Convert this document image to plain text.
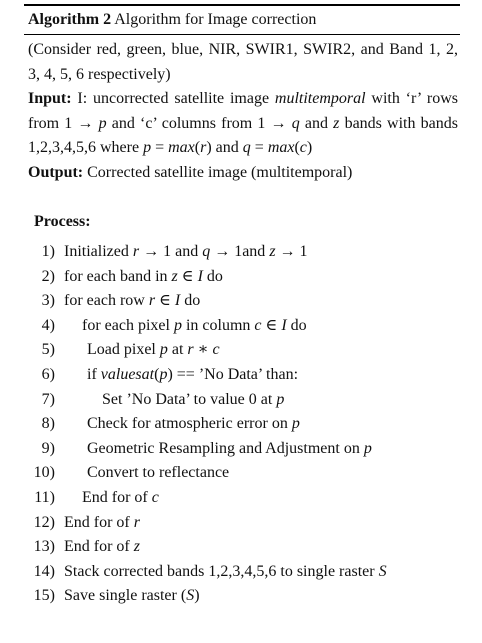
Algorithm 2 Algorithm for Image correction
(Consider red, green, blue, NIR, SWIR1, SWIR2, and Band 1, 2, 3, 4, 5, 6 respectively)
Input: I: uncorrected satellite image multitemporal with ‘r’ rows from 1 → p and ‘c’ columns from 1 → q and z bands with bands 1,2,3,4,5,6 where p = max(r) and q = max(c)
Output: Corrected satellite image (multitemporal)
Process:
1) Initialized r → 1 and q → 1and z → 1
2) for each band in z ∈ I do
3) for each row r ∈ I do
4) for each pixel p in column c ∈ I do
5) Load pixel p at r ∗ c
6) if valuesat(p) == ’No Data’ than:
7)	Set ’No Data’ to value 0 at p
8) Check for atmospheric error on p
9) Geometric Resampling and Adjustment on p
10) Convert to reflectance
11) End for of c
12) End for of r
13) End for of z
14) Stack corrected bands 1,2,3,4,5,6 to single raster S
15) Save single raster (S)
